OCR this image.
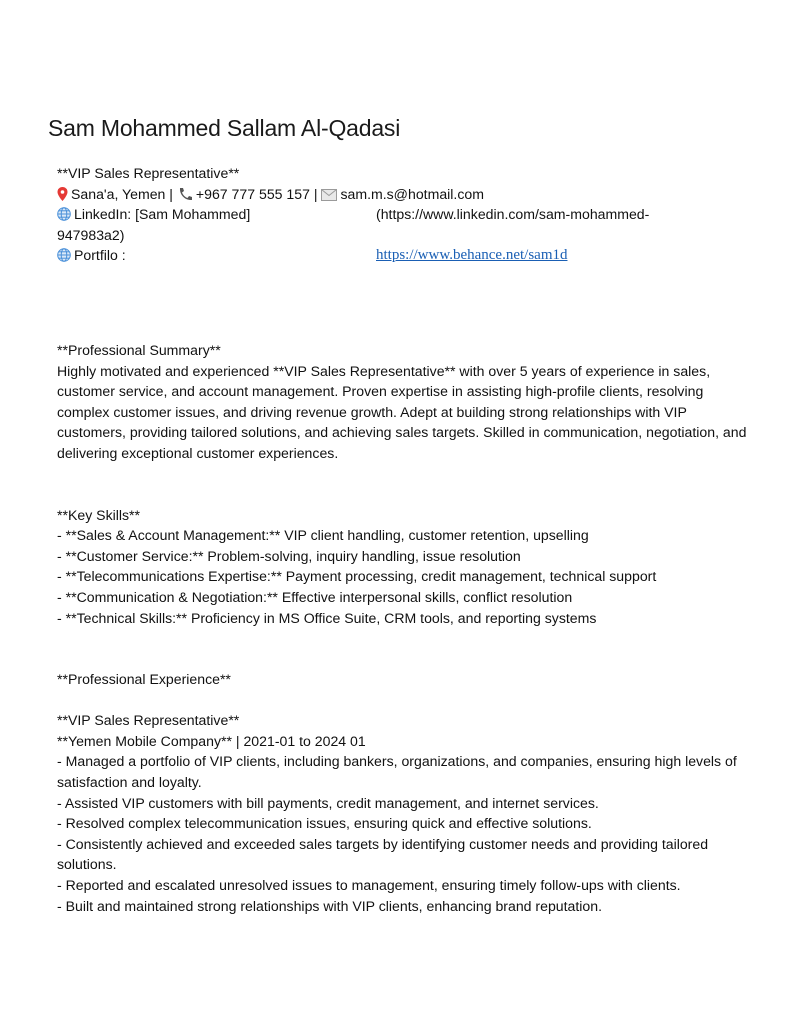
Sam Mohammed Sallam Al-Qadasi
**VIP Sales Representative**
Sana'a, Yemen | +967 777 555 157 | sam.m.s@hotmail.com
LinkedIn: [Sam Mohammed]	(https://www.linkedin.com/sam-mohammed-
947983a2)
Portfilo :	https://www.behance.net/sam1d
**Professional Summary**
Highly motivated and experienced **VIP Sales Representative** with over 5 years of experience in sales, customer service, and account management. Proven expertise in assisting high-profile clients, resolving complex customer issues, and driving revenue growth. Adept at building strong relationships with VIP customers, providing tailored solutions, and achieving sales targets. Skilled in communication, negotiation, and delivering exceptional customer experiences.
**Key Skills**
- **Sales & Account Management:** VIP client handling, customer retention, upselling
- **Customer Service:** Problem-solving, inquiry handling, issue resolution
- **Telecommunications Expertise:** Payment processing, credit management, technical support
- **Communication & Negotiation:** Effective interpersonal skills, conflict resolution
- **Technical Skills:** Proficiency in MS Office Suite, CRM tools, and reporting systems
**Professional Experience**
**VIP Sales Representative**
**Yemen Mobile Company** | 2021-01 to 2024 01
- Managed a portfolio of VIP clients, including bankers, organizations, and companies, ensuring high levels of satisfaction and loyalty.
- Assisted VIP customers with bill payments, credit management, and internet services.
- Resolved complex telecommunication issues, ensuring quick and effective solutions.
- Consistently achieved and exceeded sales targets by identifying customer needs and providing tailored solutions.
- Reported and escalated unresolved issues to management, ensuring timely follow-ups with clients.
- Built and maintained strong relationships with VIP clients, enhancing brand reputation.
